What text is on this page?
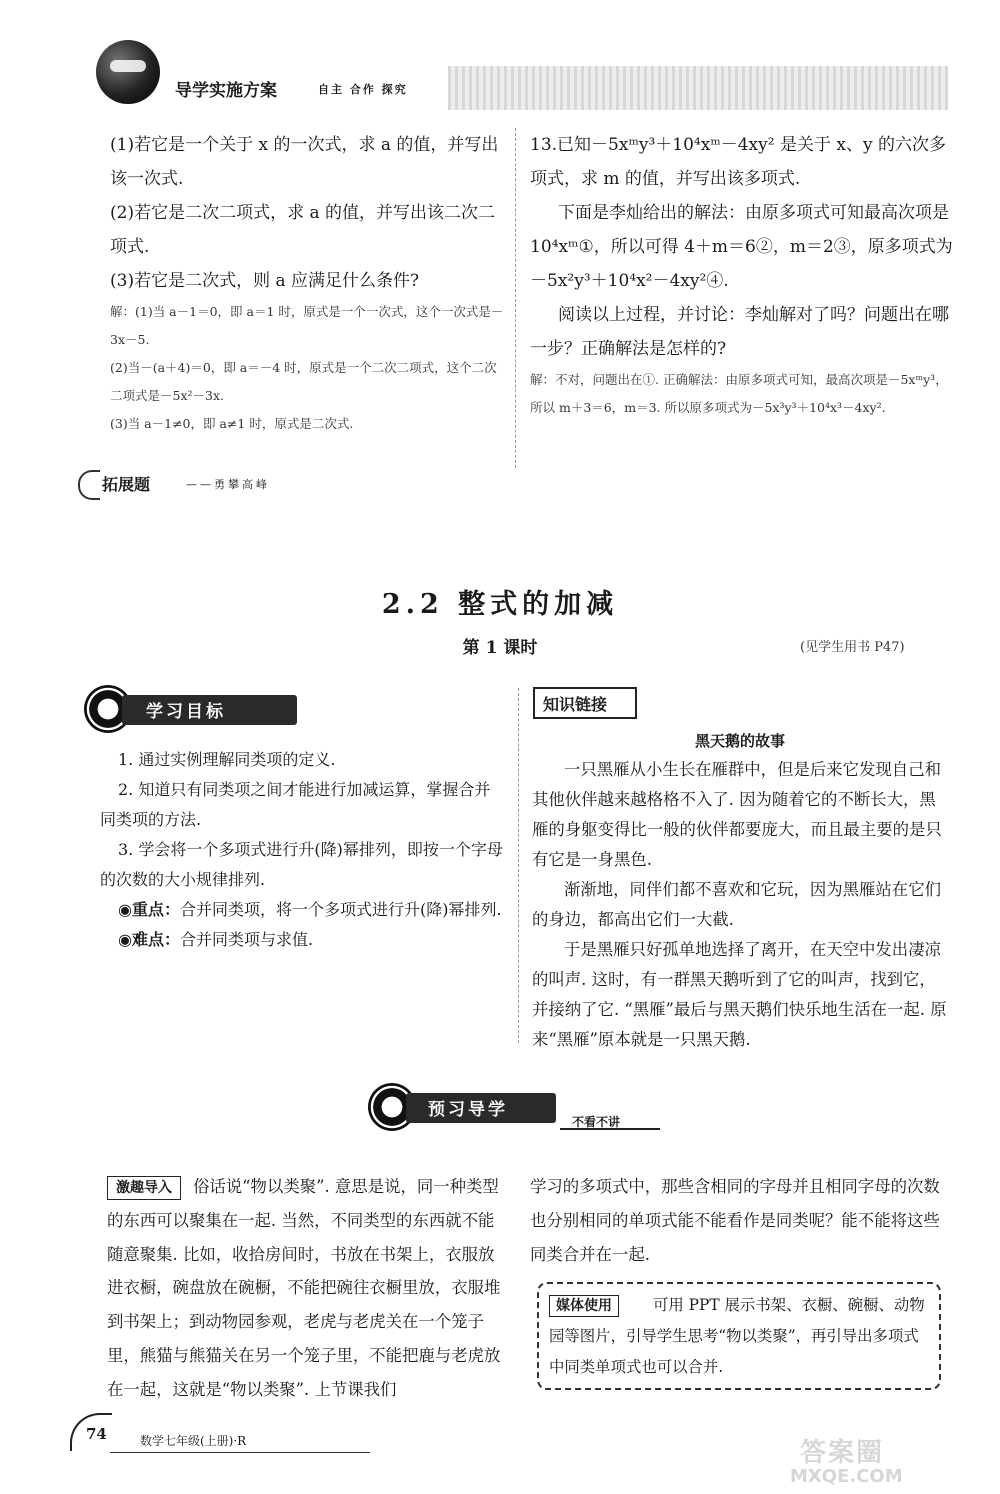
导学实施方案	自主 合作 探究
(1)若它是一个关于 x 的一次式，求 a 的值，并写出该一次式.
(2)若它是二次二项式，求 a 的值，并写出该二次二项式.
(3)若它是二次式，则 a 应满足什么条件?
解：(1)当 a－1＝0，即 a＝1 时，原式是一个一次式，这个一次式是－3x－5.
(2)当－(a＋4)＝0，即 a＝－4 时，原式是一个二次二项式，这个二次二项式是－5x²－3x.
(3)当 a－1≠0，即 a≠1 时，原式是二次式.
13.已知－5xᵐy³＋10⁴xᵐ－4xy² 是关于 x、y 的六次多项式，求 m 的值，并写出该多项式.
下面是李灿给出的解法：由原多项式可知最高次项是 10⁴xᵐ①，所以可得 4＋m＝6②，m＝2③，原多项式为－5x²y³＋10⁴x²－4xy²④.
阅读以上过程，并讨论：李灿解对了吗？问题出在哪一步？正确解法是怎样的?
解：不对，问题出在①. 正确解法：由原多项式可知，最高次项是－5xᵐy³，所以 m＋3＝6，m＝3. 所以原多项式为－5x³y³＋10⁴x³－4xy².
拓展题	——勇攀高峰
2.2 整式的加减
第 1 课时	(见学生用书 P47)
学习目标

1. 通过实例理解同类项的定义.

2. 知道只有同类项之间才能进行加减运算，掌握合并同类项的方法.

3. 学会将一个多项式进行升(降)幂排列，即按一个字母的次数的大小规律排列.

◉重点：合并同类项，将一个多项式进行升(降)幂排列.

◉难点：合并同类项与求值.

知识链接
黑天鹅的故事

一只黑雁从小生长在雁群中，但是后来它发现自己和其他伙伴越来越格格不入了. 因为随着它的不断长大，黑雁的身躯变得比一般的伙伴都要庞大，而且最主要的是只有它是一身黑色.

渐渐地，同伴们都不喜欢和它玩，因为黑雁站在它们的身边，都高出它们一大截.

于是黑雁只好孤单地选择了离开，在天空中发出凄凉的叫声. 这时，有一群黑天鹅听到了它的叫声，找到它，并接纳了它. “黑雁”最后与黑天鹅们快乐地生活在一起. 原来“黑雁”原本就是一只黑天鹅.

预习导学
不看不讲
激趣导入 俗话说“物以类聚”. 意思是说，同一种类型的东西可以聚集在一起. 当然，不同类型的东西就不能随意聚集. 比如，收拾房间时，书放在书架上，衣服放进衣橱，碗盘放在碗橱，不能把碗往衣橱里放，衣服堆到书架上；到动物园参观，老虎与老虎关在一个笼子里，熊猫与熊猫关在另一个笼子里，不能把鹿与老虎放在一起，这就是“物以类聚”. 上节课我们
学习的多项式中，那些含相同的字母并且相同字母的次数也分别相同的单项式能不能看作是同类呢？能不能将这些同类合并在一起.
媒体使用	可用 PPT 展示书架、衣橱、碗橱、动物园等图片，引导学生思考“物以类聚”，再引导出多项式中同类单项式也可以合并.
74	数学七年级(上册)·R	答案圈
MXQE.COM
